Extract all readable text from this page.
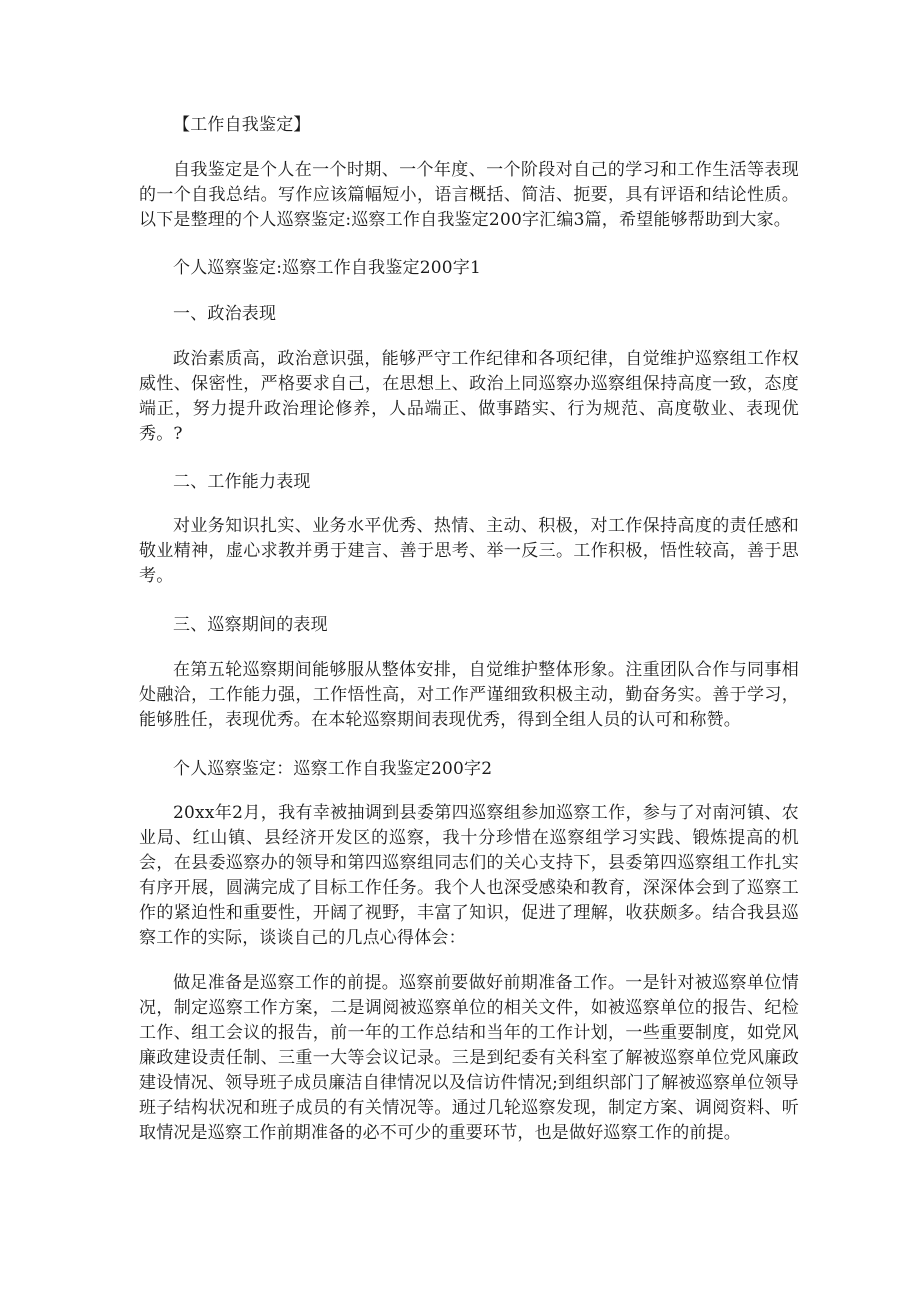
【工作自我鉴定】

自我鉴定是个人在一个时期、一个年度、一个阶段对自己的学习和工作生活等表现的一个自我总结。写作应该篇幅短小，语言概括、简洁、扼要，具有评语和结论性质。以下是整理的个人巡察鉴定:巡察工作自我鉴定200字汇编3篇，希望能够帮助到大家。

个人巡察鉴定:巡察工作自我鉴定200字1

一、政治表现

政治素质高，政治意识强，能够严守工作纪律和各项纪律，自觉维护巡察组工作权威性、保密性，严格要求自己，在思想上、政治上同巡察办巡察组保持高度一致，态度端正，努力提升政治理论修养，人品端正、做事踏实、行为规范、高度敬业、表现优秀。?

二、工作能力表现

对业务知识扎实、业务水平优秀、热情、主动、积极，对工作保持高度的责任感和敬业精神，虚心求教并勇于建言、善于思考、举一反三。工作积极，悟性较高，善于思考。

三、巡察期间的表现

在第五轮巡察期间能够服从整体安排，自觉维护整体形象。注重团队合作与同事相处融洽，工作能力强，工作悟性高，对工作严谨细致积极主动，勤奋务实。善于学习，能够胜任，表现优秀。在本轮巡察期间表现优秀，得到全组人员的认可和称赞。

个人巡察鉴定：巡察工作自我鉴定200字2

20xx年2月，我有幸被抽调到县委第四巡察组参加巡察工作，参与了对南河镇、农业局、红山镇、县经济开发区的巡察，我十分珍惜在巡察组学习实践、锻炼提高的机会，在县委巡察办的领导和第四巡察组同志们的关心支持下，县委第四巡察组工作扎实有序开展，圆满完成了目标工作任务。我个人也深受感染和教育，深深体会到了巡察工作的紧迫性和重要性，开阔了视野，丰富了知识，促进了理解，收获颇多。结合我县巡察工作的实际，谈谈自己的几点心得体会：

做足准备是巡察工作的前提。巡察前要做好前期准备工作。一是针对被巡察单位情况，制定巡察工作方案，二是调阅被巡察单位的相关文件，如被巡察单位的报告、纪检工作、组工会议的报告，前一年的工作总结和当年的工作计划，一些重要制度，如党风廉政建设责任制、三重一大等会议记录。三是到纪委有关科室了解被巡察单位党风廉政建设情况、领导班子成员廉洁自律情况以及信访件情况;到组织部门了解被巡察单位领导班子结构状况和班子成员的有关情况等。通过几轮巡察发现，制定方案、调阅资料、听取情况是巡察工作前期准备的必不可少的重要环节，也是做好巡察工作的前提。
